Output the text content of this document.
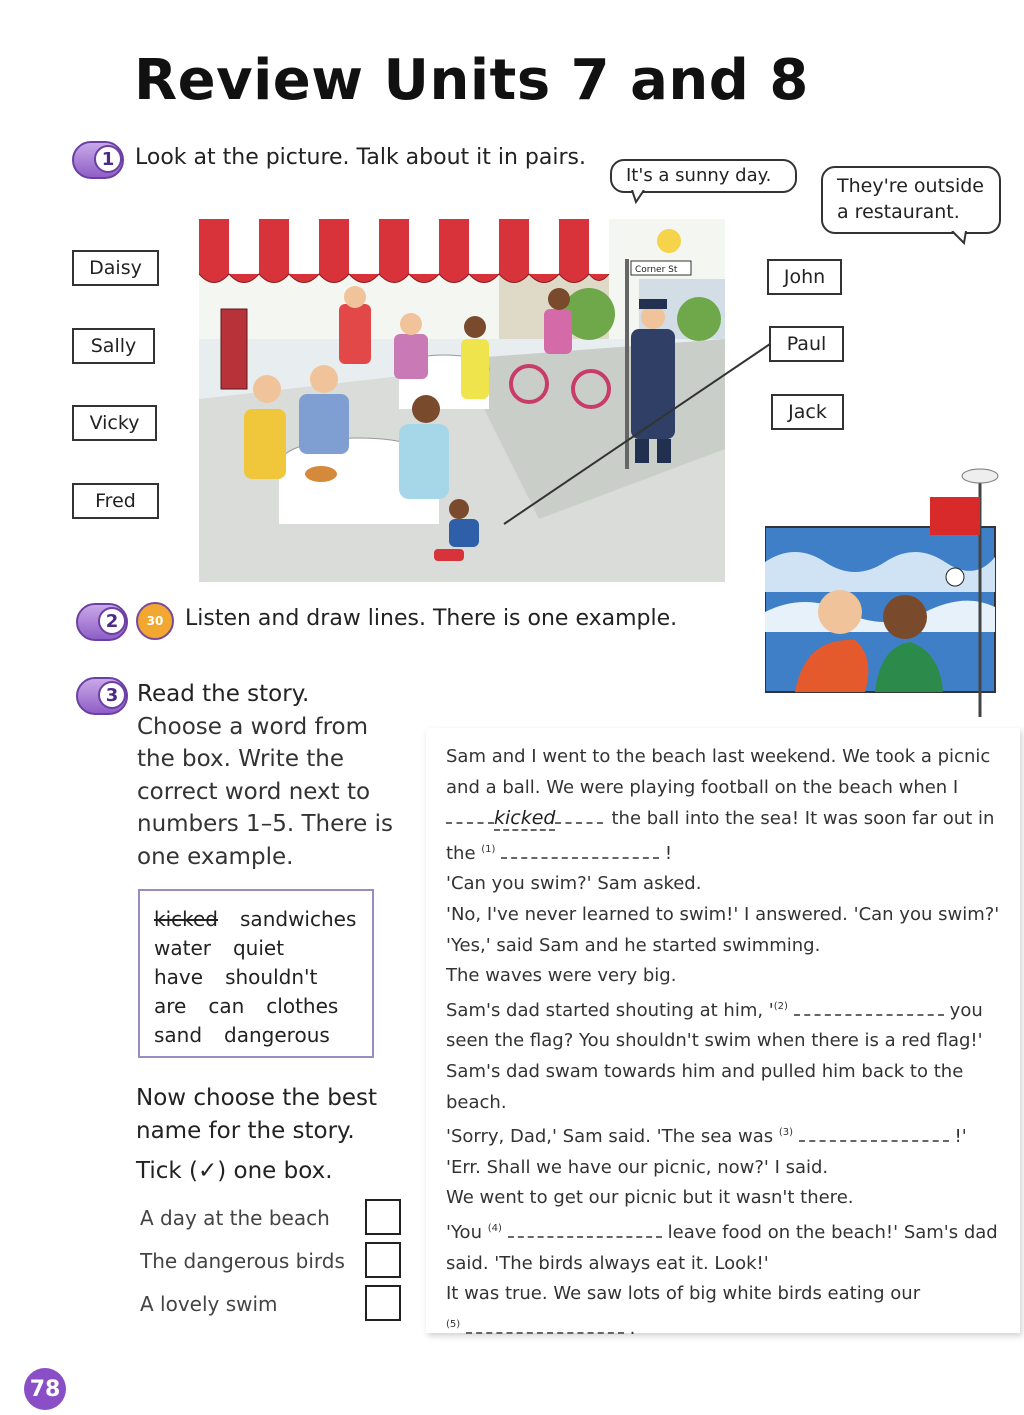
Review Units 7 and 8
1 Look at the picture. Talk about it in pairs.
It's a sunny day.	They're outside
a restaurant.
Daisy
Sally
Vicky
Fred
John
Paul
Jack
Corner St
2	30 Listen and draw lines. There is one example.
3 Read the story.
Choose a word from the box. Write the correct word next to numbers 1–5. There is one example.
kicked sandwiches
water quiet
have shouldn't
are can clothes
sand dangerous
Now choose the best name for the story.
Tick (✓) one box.
A day at the beach
The dangerous birds
A lovely swim

Sam and I went to the beach last weekend. We took a picnic

and a ball. We were playing football on the beach when I

kicked	the ball into the sea! It was soon far out in

the $^{(1)}$	!

'Can you swim?' Sam asked.

'No, I've never learned to swim!' I answered. 'Can you swim?'

'Yes,' said Sam and he started swimming.

The waves were very big.

Sam's dad started shouting at him, '$^{(2)}$	you

seen the flag? You shouldn't swim when there is a red flag!'

Sam's dad swam towards him and pulled him back to the

beach.

'Sorry, Dad,' Sam said. 'The sea was $^{(3)}$	!'

'Err. Shall we have our picnic, now?' I said.

We went to get our picnic but it wasn't there.

'You $^{(4)}$	leave food on the beach!' Sam's dad

said. 'The birds always eat it. Look!'

It was true. We saw lots of big white birds eating our

$^{(5)}$	.

78
